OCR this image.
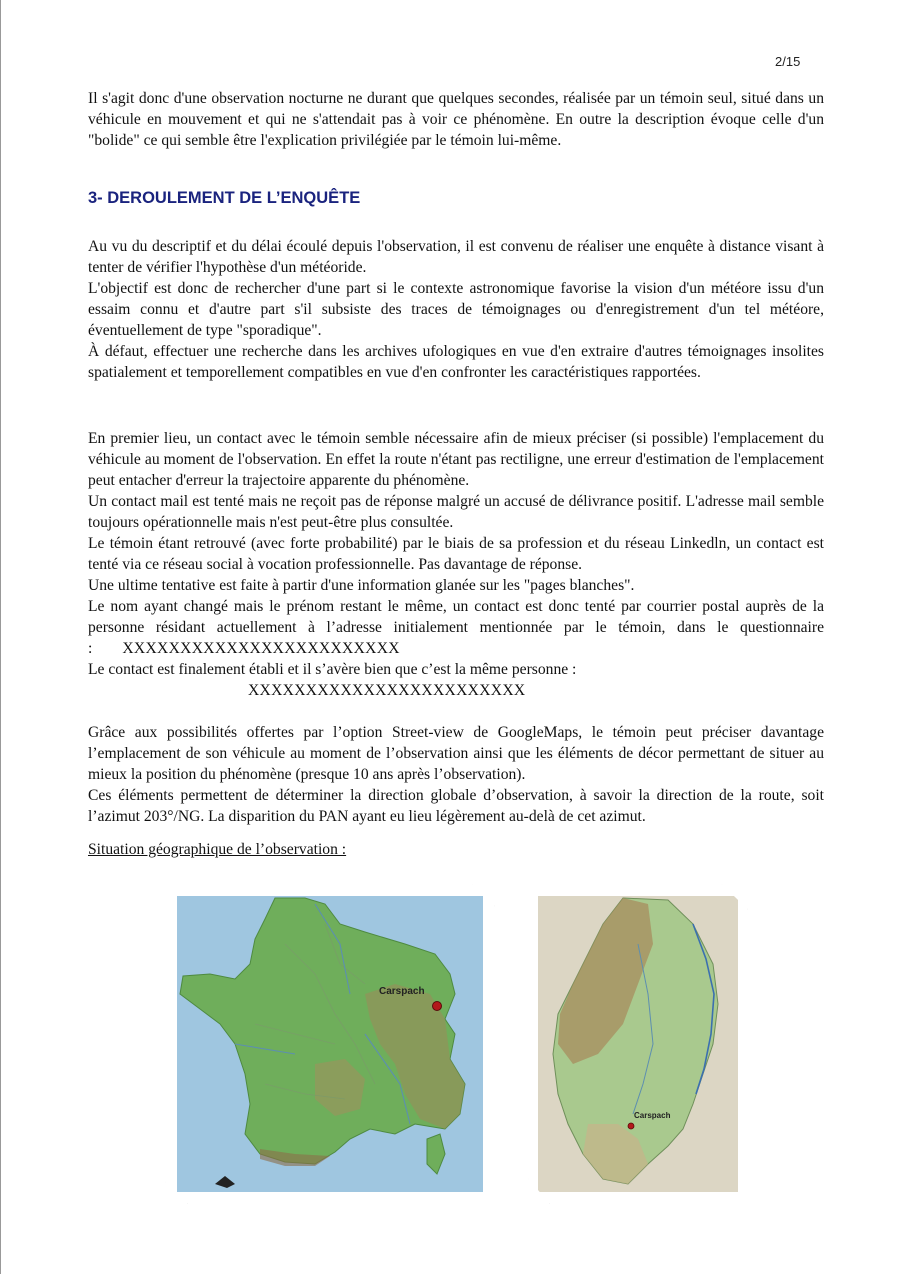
2/15

Il s'agit donc d'une observation nocturne ne durant que quelques secondes, réalisée par un témoin seul, situé dans un véhicule en mouvement et qui ne s'attendait pas à voir ce phénomène. En outre la description évoque celle d'un "bolide" ce qui semble être l'explication privilégiée par le témoin lui-même.

3- DEROULEMENT DE L’ENQUÊTE

Au vu du descriptif et du délai écoulé depuis l'observation, il est convenu de réaliser une enquête à distance visant à tenter de vérifier l'hypothèse d'un météoride.

L'objectif est donc de rechercher d'une part si le contexte astronomique favorise la vision d'un météore issu d'un essaim connu et d'autre part s'il subsiste des traces de témoignages ou d'enregistrement d'un tel météore, éventuellement de type "sporadique".

À défaut, effectuer une recherche dans les archives ufologiques en vue d'en extraire d'autres témoignages insolites spatialement et temporellement compatibles en vue d'en confronter les caractéristiques rapportées.

En premier lieu, un contact avec le témoin semble nécessaire afin de mieux préciser (si possible) l'emplacement du véhicule au moment de l'observation. En effet la route n'étant pas rectiligne, une erreur d'estimation de l'emplacement peut entacher d'erreur la trajectoire apparente du phénomène.

Un contact mail est tenté mais ne reçoit pas de réponse malgré un accusé de délivrance positif. L'adresse mail semble toujours opérationnelle mais n'est peut-être plus consultée.

Le témoin étant retrouvé (avec forte probabilité) par le biais de sa profession et du réseau Linkedln, un contact est tenté via ce réseau social à vocation professionnelle. Pas davantage de réponse.

Une ultime tentative est faite à partir d'une information glanée sur les "pages blanches".

Le nom ayant changé mais le prénom restant le même, un contact est donc tenté par courrier postal auprès de la personne résidant actuellement à l’adresse initialement mentionnée par le témoin, dans le questionnaire : XXXXXXXXXXXXXXXXXXXXXXXX

Le contact est finalement établi et il s’avère bien que c’est la même personne :

XXXXXXXXXXXXXXXXXXXXXXXX

Grâce aux possibilités offertes par l’option Street-view de GoogleMaps, le témoin peut préciser davantage l’emplacement de son véhicule au moment de l’observation ainsi que les éléments de décor permettant de situer au mieux la position du phénomène (presque 10 ans après l’observation).

Ces éléments permettent de déterminer la direction globale d’observation, à savoir la direction de la route, soit l’azimut 203°/NG. La disparition du PAN ayant eu lieu légèrement au-delà de cet azimut.

Situation géographique de l’observation :

Carspach
Carspach
